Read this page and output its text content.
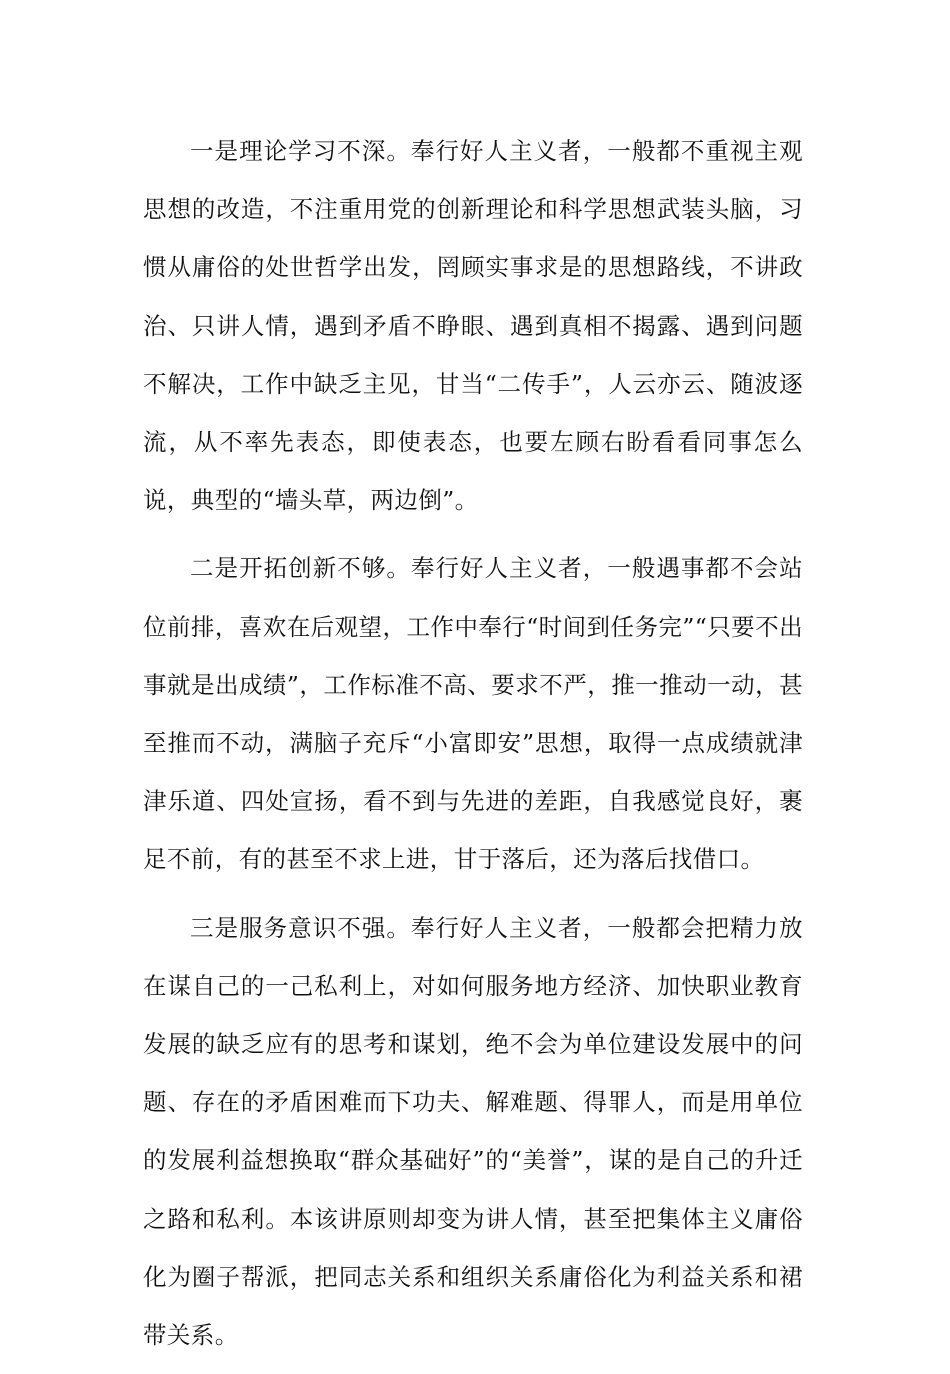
一是理论学习不深。奉行好人主义者，一般都不重视主观思想的改造，不注重用党的创新理论和科学思想武装头脑，习惯从庸俗的处世哲学出发，罔顾实事求是的思想路线，不讲政治、只讲人情，遇到矛盾不睁眼、遇到真相不揭露、遇到问题不解决，工作中缺乏主见，甘当“二传手”，人云亦云、随波逐流，从不率先表态，即使表态，也要左顾右盼看看同事怎么说，典型的“墙头草，两边倒”。

二是开拓创新不够。奉行好人主义者，一般遇事都不会站位前排，喜欢在后观望，工作中奉行“时间到任务完”“只要不出事就是出成绩”，工作标准不高、要求不严，推一推动一动，甚至推而不动，满脑子充斥“小富即安”思想，取得一点成绩就津津乐道、四处宣扬，看不到与先进的差距，自我感觉良好，裹足不前，有的甚至不求上进，甘于落后，还为落后找借口。

三是服务意识不强。奉行好人主义者，一般都会把精力放在谋自己的一己私利上，对如何服务地方经济、加快职业教育发展的缺乏应有的思考和谋划，绝不会为单位建设发展中的问题、存在的矛盾困难而下功夫、解难题、得罪人，而是用单位的发展利益想换取“群众基础好”的“美誉”，谋的是自己的升迁之路和私利。本该讲原则却变为讲人情，甚至把集体主义庸俗化为圈子帮派，把同志关系和组织关系庸俗化为利益关系和裙带关系。
